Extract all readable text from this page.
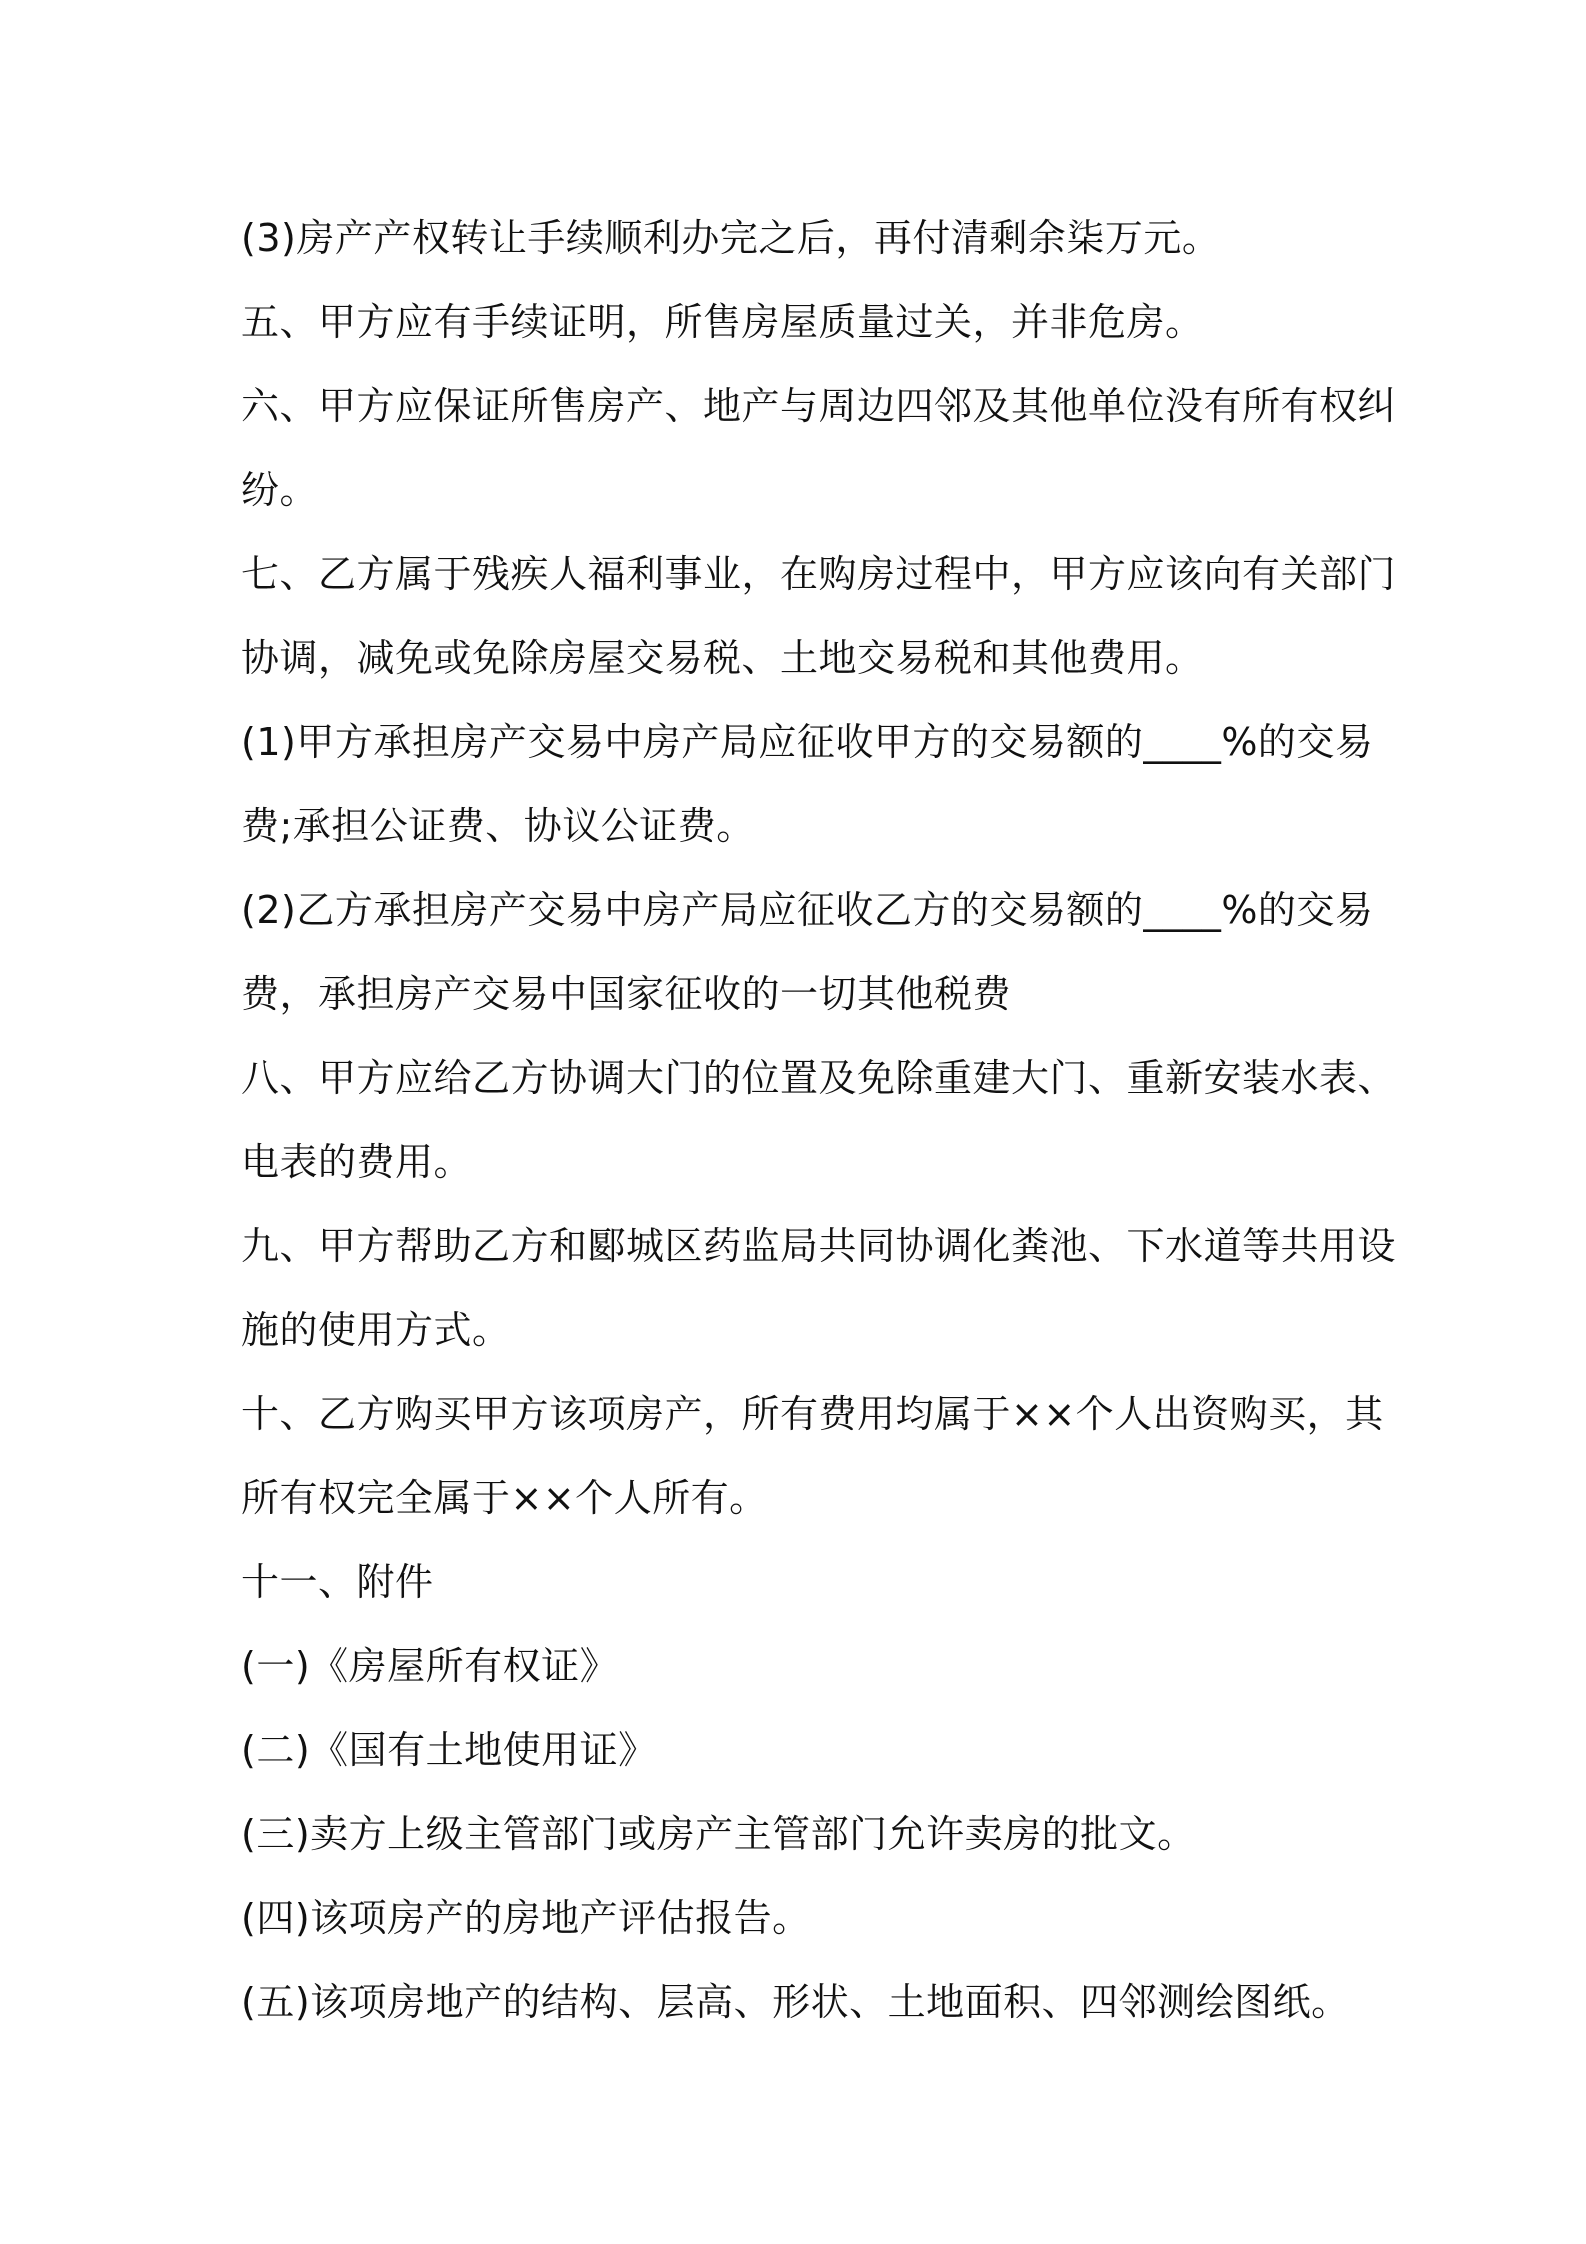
(3)房产产权转让手续顺利办完之后，再付清剩余柒万元。
五、甲方应有手续证明，所售房屋质量过关，并非危房。
六、甲方应保证所售房产、地产与周边四邻及其他单位没有所有权纠
纷。
七、乙方属于残疾人福利事业，在购房过程中，甲方应该向有关部门
协调，减免或免除房屋交易税、土地交易税和其他费用。
(1)甲方承担房产交易中房产局应征收甲方的交易额的____%的交易
费;承担公证费、协议公证费。
(2)乙方承担房产交易中房产局应征收乙方的交易额的____%的交易
费，承担房产交易中国家征收的一切其他税费
八、甲方应给乙方协调大门的位置及免除重建大门、重新安装水表、
电表的费用。
九、甲方帮助乙方和郾城区药监局共同协调化粪池、下水道等共用设
施的使用方式。
十、乙方购买甲方该项房产，所有费用均属于××个人出资购买，其
所有权完全属于××个人所有。
十一、附件
(一)《房屋所有权证》
(二)《国有土地使用证》
(三)卖方上级主管部门或房产主管部门允许卖房的批文。
(四)该项房产的房地产评估报告。
(五)该项房地产的结构、层高、形状、土地面积、四邻测绘图纸。
